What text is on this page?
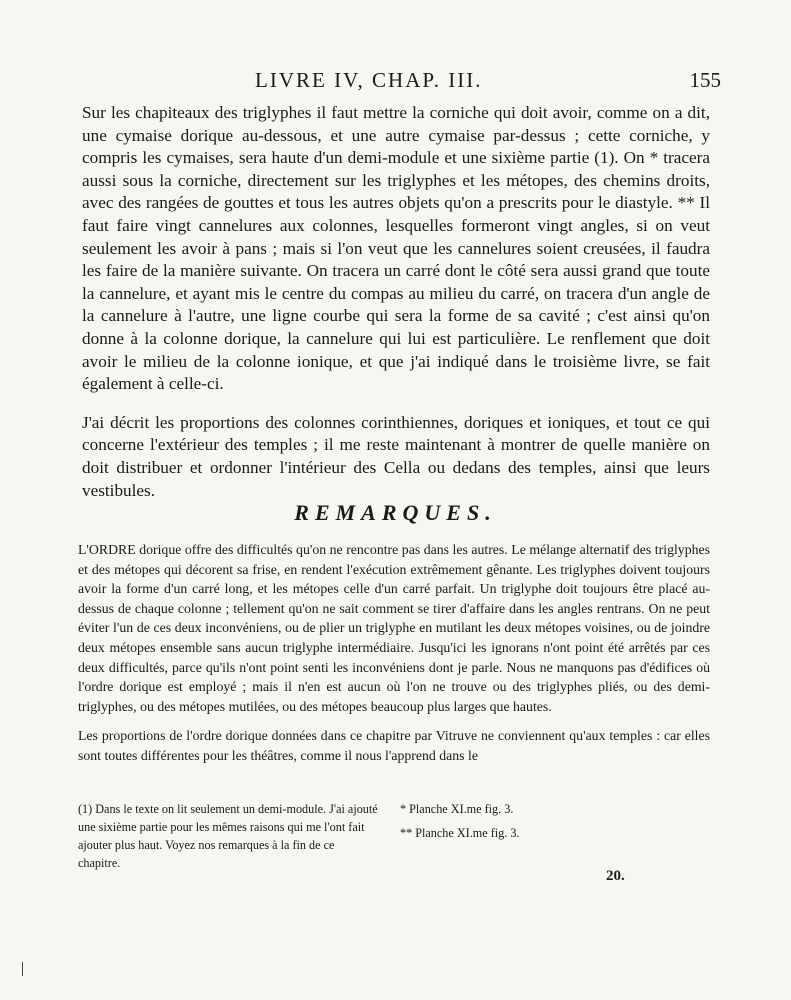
LIVRE IV, CHAP. III.	155

Sur les chapiteaux des triglyphes il faut mettre la corniche qui doit avoir, comme on a dit, une cymaise dorique au-dessous, et une autre cymaise par-dessus ; cette corniche, y compris les cymaises, sera haute d'un demi-module et une sixième partie (1). On * tracera aussi sous la corniche, directement sur les triglyphes et les métopes, des chemins droits, avec des rangées de gouttes et tous les autres objets qu'on a prescrits pour le diastyle. ** Il faut faire vingt cannelures aux colonnes, lesquelles formeront vingt angles, si on veut seulement les avoir à pans ; mais si l'on veut que les cannelures soient creusées, il faudra les faire de la manière suivante. On tracera un carré dont le côté sera aussi grand que toute la cannelure, et ayant mis le centre du compas au milieu du carré, on tracera d'un angle de la cannelure à l'autre, une ligne courbe qui sera la forme de sa cavité ; c'est ainsi qu'on donne à la colonne dorique, la cannelure qui lui est particulière. Le renflement que doit avoir le milieu de la colonne ionique, et que j'ai indiqué dans le troisième livre, se fait également à celle-ci.

J'ai décrit les proportions des colonnes corinthiennes, doriques et ioniques, et tout ce qui concerne l'extérieur des temples ; il me reste maintenant à montrer de quelle manière on doit distribuer et ordonner l'intérieur des Cella ou dedans des temples, ainsi que leurs vestibules.

REMARQUES.

L'ORDRE dorique offre des difficultés qu'on ne rencontre pas dans les autres. Le mélange alternatif des triglyphes et des métopes qui décorent sa frise, en rendent l'exécution extrêmement gênante. Les triglyphes doivent toujours avoir la forme d'un carré long, et les métopes celle d'un carré parfait. Un triglyphe doit toujours être placé au-dessus de chaque colonne ; tellement qu'on ne sait comment se tirer d'affaire dans les angles rentrans. On ne peut éviter l'un de ces deux inconvéniens, ou de plier un triglyphe en mutilant les deux métopes voisines, ou de joindre deux métopes ensemble sans aucun triglyphe intermédiaire. Jusqu'ici les ignorans n'ont point été arrêtés par ces deux difficultés, parce qu'ils n'ont point senti les inconvéniens dont je parle. Nous ne manquons pas d'édifices où l'ordre dorique est employé ; mais il n'en est aucun où l'on ne trouve ou des triglyphes pliés, ou des demi-triglyphes, ou des métopes mutilées, ou des métopes beaucoup plus larges que hautes.

Les proportions de l'ordre dorique données dans ce chapitre par Vitruve ne conviennent qu'aux temples : car elles sont toutes différentes pour les théâtres, comme il nous l'apprend dans le

(1) Dans le texte on lit seulement un demi-module. J'ai ajouté une sixième partie pour les mêmes raisons qui me l'ont fait ajouter plus haut. Voyez nos remarques à la fin de ce chapitre.
* Planche XI.me fig. 3.
** Planche XI.me fig. 3.
20.
